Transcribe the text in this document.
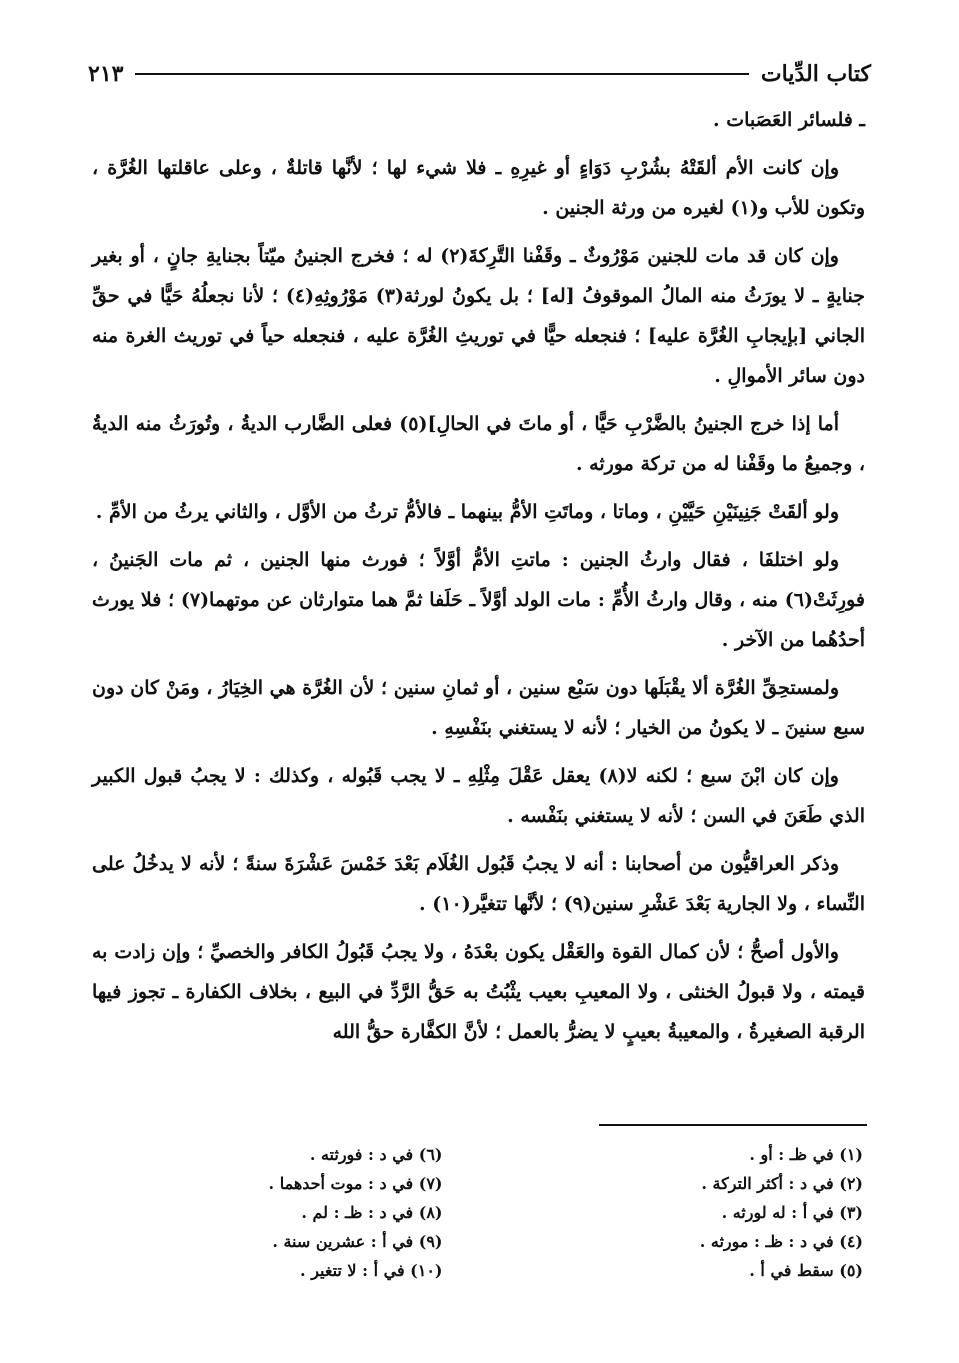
كتاب الدِّيات
٢١٣

ـ فلسائر العَصَبات .

وإن كانت الأم ألقَتْهُ بشُرْبِ دَوَاءٍ أو غيرِهِ ـ فلا شيء لها ؛ لأنَّها قاتلةٌ ، وعلى عاقلتها الغُرَّة ، وتكون للأب و(١) لغيره من ورثة الجنين .

وإن كان قد مات للجنين مَوْرُوثٌ ـ وقَفْنا التَّرِكةَ(٢) له ؛ فخرج الجنينُ ميّتاً بجنايةِ جانٍ ، أو بغير جنايةٍ ـ لا يورَثُ منه المالُ الموقوفُ [له] ؛ بل يكونُ لورثة(٣) مَوْرُوثِهِ(٤) ؛ لأنا نجعلُهُ حَيًّا في حقِّ الجاني [بإيجابِ الغُرَّة عليه] ؛ فنجعله حيًّا في توريثِ الغُرَّة عليه ، فنجعله حياً في توريث الغرة منه دون سائر الأموالِ .

أما إذا خرج الجنينُ بالضَّرْبِ حَيًّا ، أو ماتَ في الحالِ](٥) فعلى الضَّارب الديةُ ، وتُورَثُ منه الديةُ ، وجميعُ ما وقَفْنا له من تركة مورثه .

ولو ألقَتْ جَنِينَيْنِ حَيَّيْنِ ، وماتا ، وماتَتِ الأمُّ بينهما ـ فالأمُّ ترثُ من الأوَّل ، والثاني يرثُ من الأمِّ .

ولو اختلفَا ، فقال وارثُ الجنين : ماتتِ الأمُّ أوَّلاً ؛ فورث منها الجنين ، ثم مات الجَنينُ ، فورِثَتْ(٦) منه ، وقال وارثُ الأُمِّ : مات الولد أوَّلاً ـ حَلَفا ثمَّ هما متوارثان عن موتهما(٧) ؛ فلا يورث أحدُهُما من الآخر .

ولمستحِقِّ الغُرَّة ألا يقْبَلَها دون سَبْع سنين ، أو ثمانِ سنين ؛ لأن الغُرَّة هي الخِيَارُ ، ومَنْ كان دون سبع سنينَ ـ لا يكونُ من الخيار ؛ لأنه لا يستغني بنَفْسِهِ .

وإن كان ابْنَ سبع ؛ لكنه لا(٨) يعقل عَقْلَ مِثْلِهِ ـ لا يجب قَبُوله ، وكذلك : لا يجبُ قبول الكبير الذي طَعَنَ في السن ؛ لأنه لا يستغني بنَفْسه .

وذكر العراقيُّون من أصحابنا : أنه لا يجبُ قَبُول الغُلَام بَعْدَ خَمْسَ عَشْرَةَ سنةً ؛ لأنه لا يدخُلُ على النِّساء ، ولا الجارية بَعْدَ عَشْرِ سنين(٩) ؛ لأنَّها تتغيَّر(١٠) .

والأول أصحُّ ؛ لأن كمال القوة والعَقْل يكون بعْدَهُ ، ولا يجبُ قَبُولُ الكافر والخصيِّ ؛ وإن زادت به قيمته ، ولا قبولُ الخنثى ، ولا المعيبِ بعيب يثْبُتُ به حَقُّ الرَّدِّ في البيع ، بخلاف الكفارة ـ تجوز فيها الرقبة الصغيرةُ ، والمعيبةُ بعيبٍ لا يضرُّ بالعمل ؛ لأنَّ الكفَّارة حقُّ الله

(١) في ظـ : أو .
(٢) في د : أكثر التركة .
(٣) في أ : له لورثه .
(٤) في د : ظـ : مورثه .
(٥) سقط في أ .
(٦) في د : فورثته .
(٧) في د : موت أحدهما .
(٨) في د : ظـ : لم .
(٩) في أ : عشرين سنة .
(١٠) في أ : لا تتغير .
